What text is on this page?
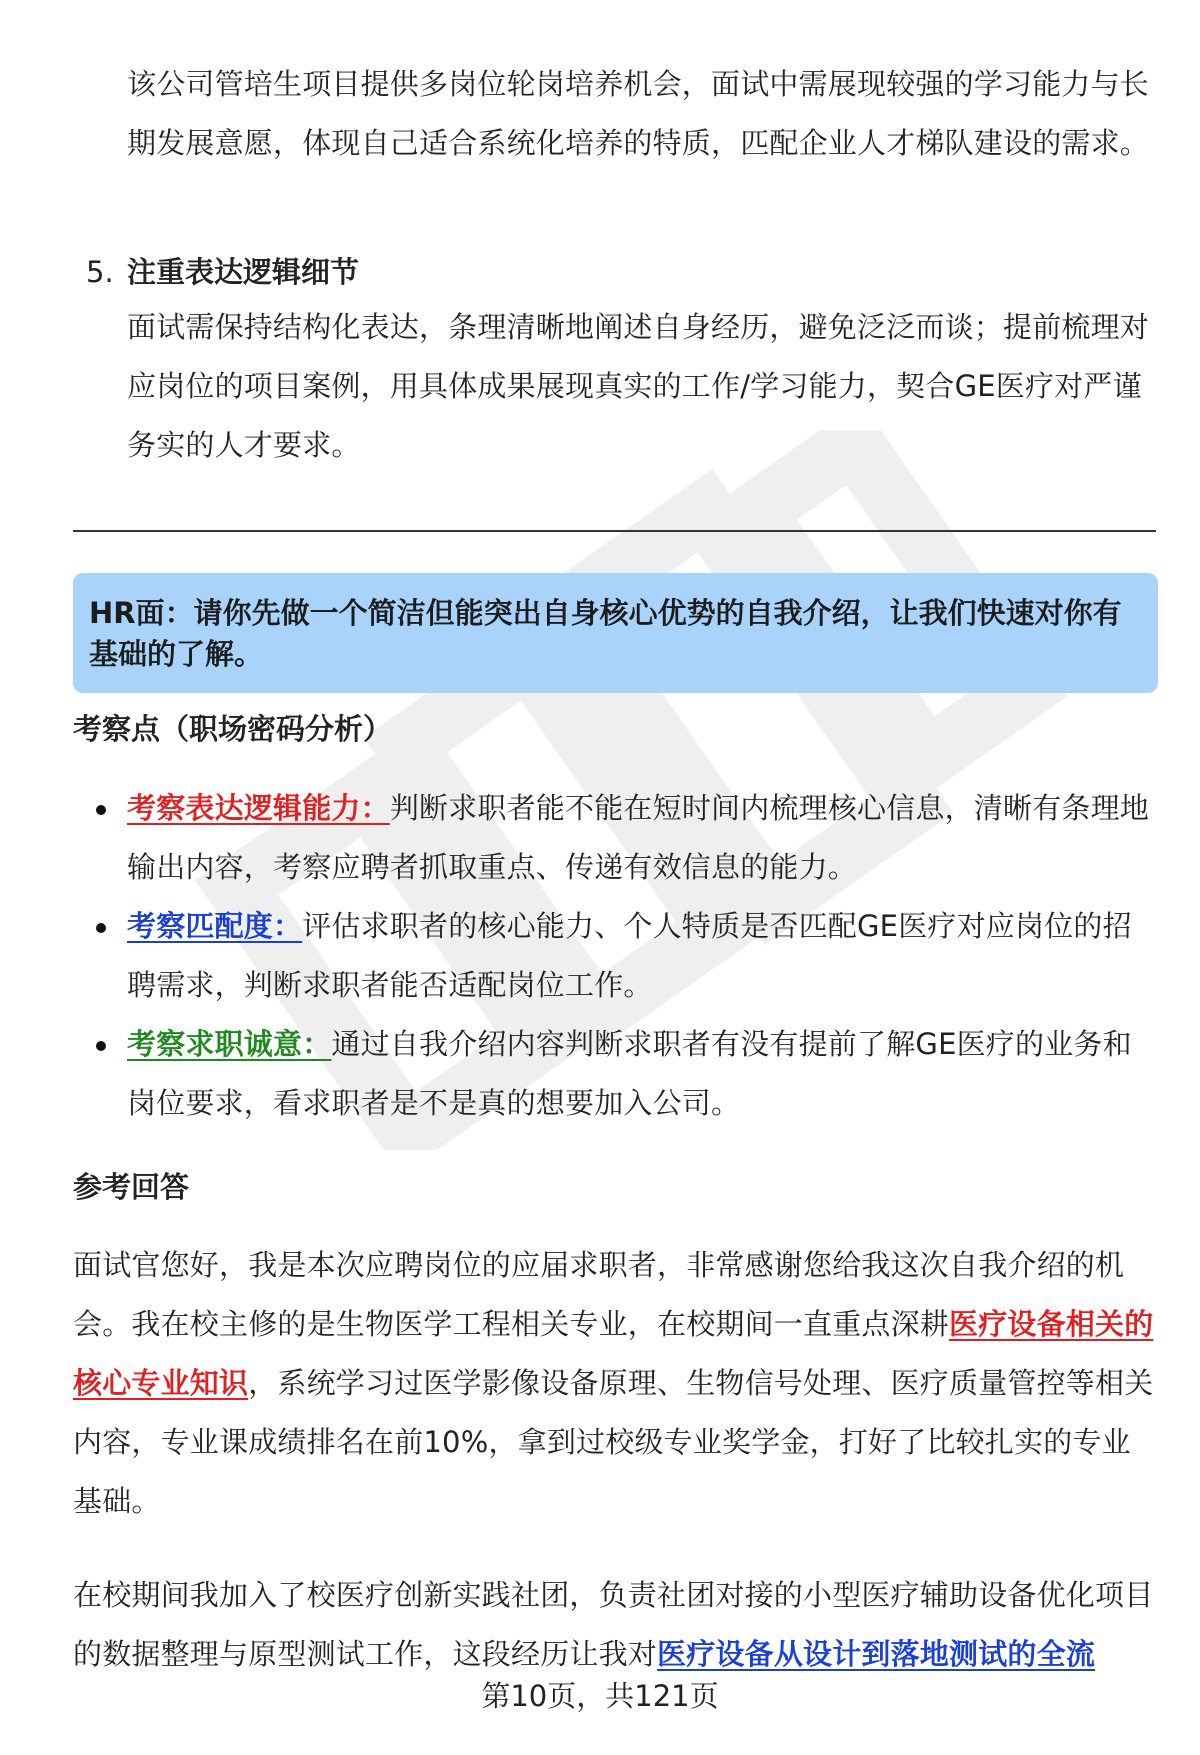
该公司管培生项目提供多岗位轮岗培养机会，面试中需展现较强的学习能力与长期发展意愿，体现自己适合系统化培养的特质，匹配企业人才梯队建设的需求。

5. 注重表达逻辑细节

面试需保持结构化表达，条理清晰地阐述自身经历，避免泛泛而谈；提前梳理对应岗位的项目案例，用具体成果展现真实的工作/学习能力，契合GE医疗对严谨务实的人才要求。

HR面：请你先做一个简洁但能突出自身核心优势的自我介绍，让我们快速对你有基础的了解。
考察点（职场密码分析）

考察表达逻辑能力：判断求职者能不能在短时间内梳理核心信息，清晰有条理地输出内容，考察应聘者抓取重点、传递有效信息的能力。

考察匹配度：评估求职者的核心能力、个人特质是否匹配GE医疗对应岗位的招聘需求，判断求职者能否适配岗位工作。

考察求职诚意：通过自我介绍内容判断求职者有没有提前了解GE医疗的业务和岗位要求，看求职者是不是真的想要加入公司。

参考回答

面试官您好，我是本次应聘岗位的应届求职者，非常感谢您给我这次自我介绍的机会。我在校主修的是生物医学工程相关专业，在校期间一直重点深耕医疗设备相关的核心专业知识，系统学习过医学影像设备原理、生物信号处理、医疗质量管控等相关内容，专业课成绩排名在前10%，拿到过校级专业奖学金，打好了比较扎实的专业基础。

在校期间我加入了校医疗创新实践社团，负责社团对接的小型医疗辅助设备优化项目的数据整理与原型测试工作，这段经历让我对医疗设备从设计到落地测试的全流

第10页，共121页
